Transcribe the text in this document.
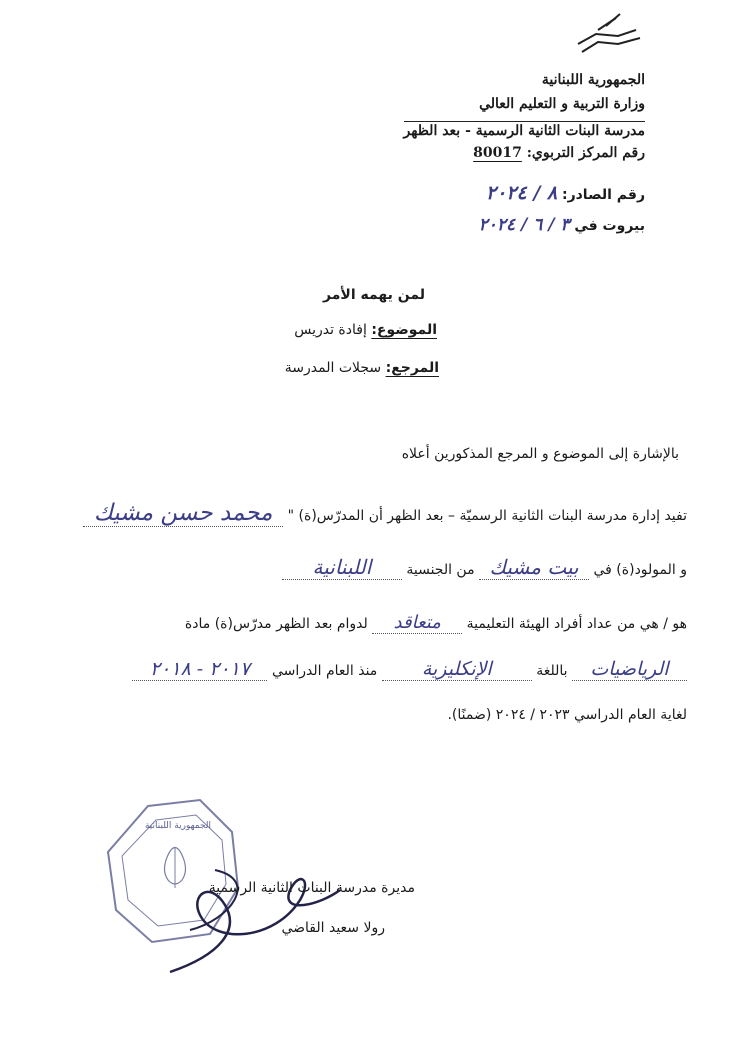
الجمهورية اللبنانية
وزارة التربية و التعليم العالي
مدرسة البنات الثانية الرسمية - بعد الظهر
رقم المركز التربوي: 80017
رقم الصادر: ٨ / ٢٠٢٤
بيروت في ٣ / ٦ / ٢٠٢٤
لمن يهمه الأمر
الموضوع: إفادة تدريس
المرجع: سجلات المدرسة
بالإشارة إلى الموضوع و المرجع المذكورين أعلاه
تفيد إدارة مدرسة البنات الثانية الرسميّة – بعد الظهر أن المدرّس(ة) " محمد حسن مشيك
و المولود(ة) في بيت مشيك من الجنسية اللبنانية
هو / هي من عداد أفراد الهيئة التعليمية متعاقد لدوام بعد الظهر مدرّس(ة) مادة
الرياضيات باللغة الإنكليزية منذ العام الدراسي ٢٠١٧ - ٢٠١٨
لغاية العام الدراسي ٢٠٢٣ / ٢٠٢٤ (ضمنًا).
الجمهورية اللبنانية
مديرة مدرسة البنات الثانية الرسمية
رولا سعيد القاضي
